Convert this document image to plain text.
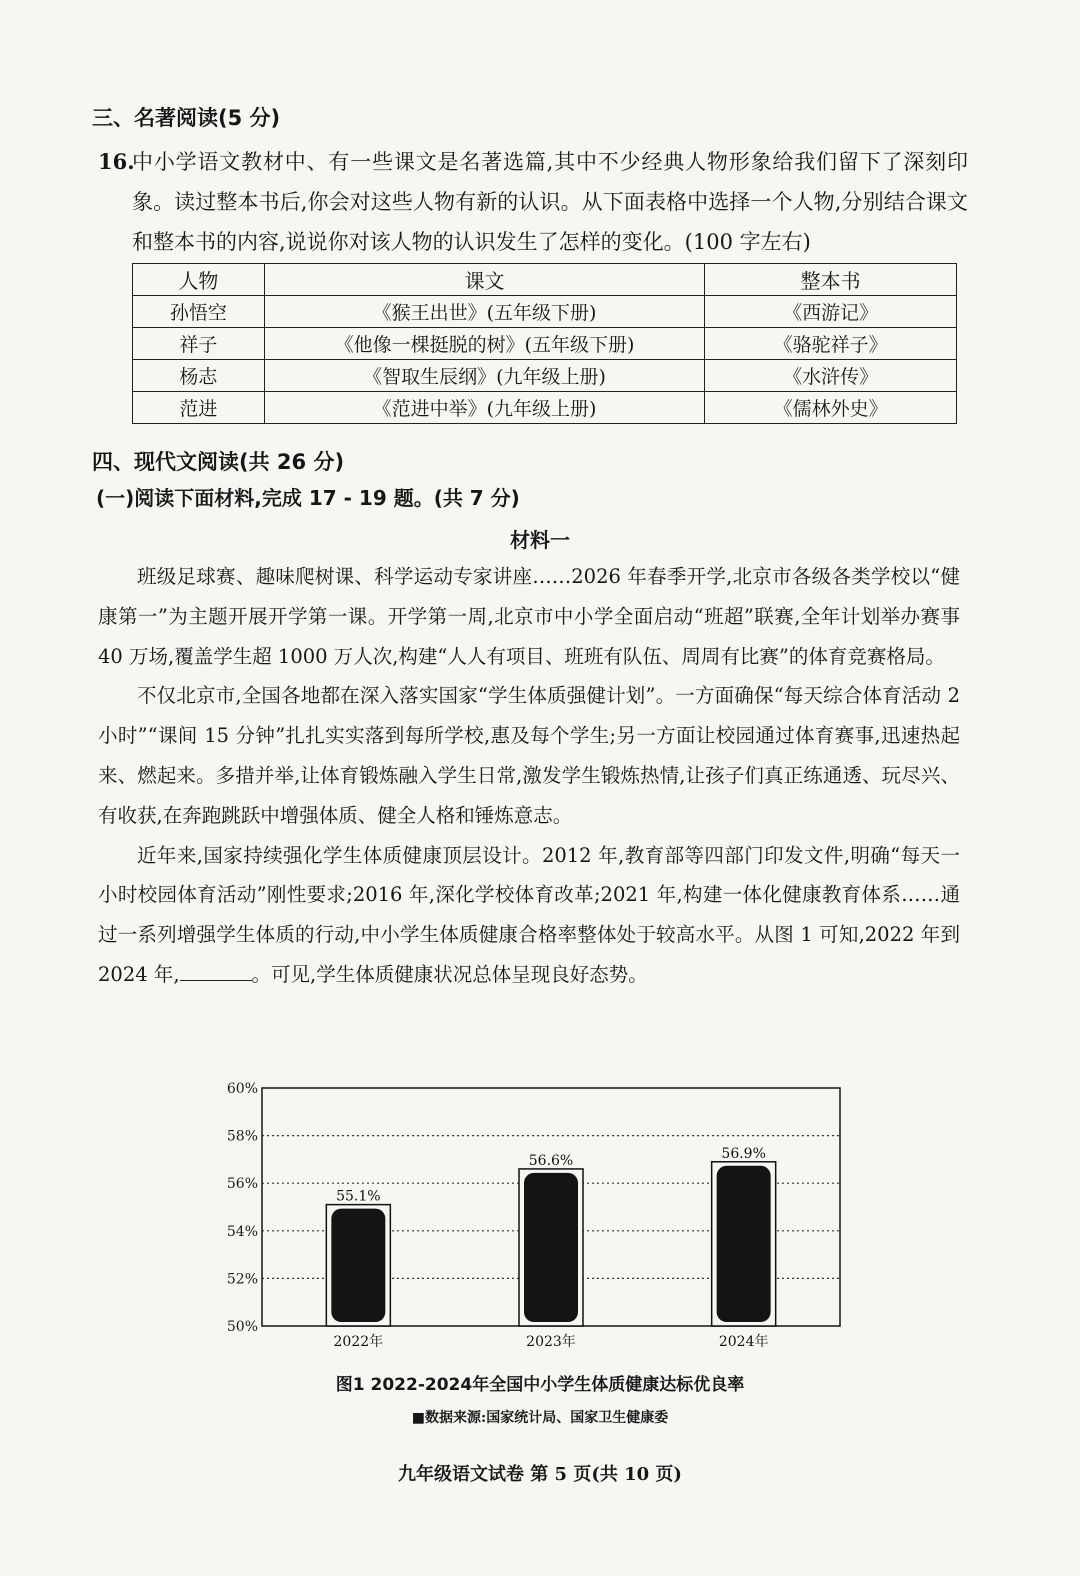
三、名著阅读(5 分)
16.
中小学语文教材中、有一些课文是名著选篇,其中不少经典人物形象给我们留下了深刻印象。读过整本书后,你会对这些人物有新的认识。从下面表格中选择一个人物,分别结合课文和整本书的内容,说说你对该人物的认识发生了怎样的变化。(100 字左右)
人物	课文	整本书
孙悟空	《猴王出世》(五年级下册)	《西游记》
祥子	《他像一棵挺脱的树》(五年级下册)	《骆驼祥子》
杨志	《智取生辰纲》(九年级上册)	《水浒传》
范进	《范进中举》(九年级上册)	《儒林外史》
四、现代文阅读(共 26 分)
(一)阅读下面材料,完成 17 - 19 题。(共 7 分)
材料一

班级足球赛、趣味爬树课、科学运动专家讲座……2026 年春季开学,北京市各级各类学校以“健康第一”为主题开展开学第一课。开学第一周,北京市中小学全面启动“班超”联赛,全年计划举办赛事40 万场,覆盖学生超 1000 万人次,构建“人人有项目、班班有队伍、周周有比赛”的体育竞赛格局。

不仅北京市,全国各地都在深入落实国家“学生体质强健计划”。一方面确保“每天综合体育活动 2 小时”“课间 15 分钟”扎扎实实落到每所学校,惠及每个学生;另一方面让校园通过体育赛事,迅速热起来、燃起来。多措并举,让体育锻炼融入学生日常,激发学生锻炼热情,让孩子们真正练通透、玩尽兴、有收获,在奔跑跳跃中增强体质、健全人格和锤炼意志。

近年来,国家持续强化学生体质健康顶层设计。2012 年,教育部等四部门印发文件,明确“每天一小时校园体育活动”刚性要求;2016 年,深化学校体育改革;2021 年,构建一体化健康教育体系……通过一系列增强学生体质的行动,中小学生体质健康合格率整体处于较高水平。从图 1 可知,2022 年到 2024 年,	。可见,学生体质健康状况总体呈现良好态势。

50%
52%
54%
56%
58%
60%
55.1%
2022年
56.6%
2023年
56.9%
2024年
图1 2022-2024年全国中小学生体质健康达标优良率
■数据来源:国家统计局、国家卫生健康委
九年级语文试卷 第 5 页(共 10 页)
